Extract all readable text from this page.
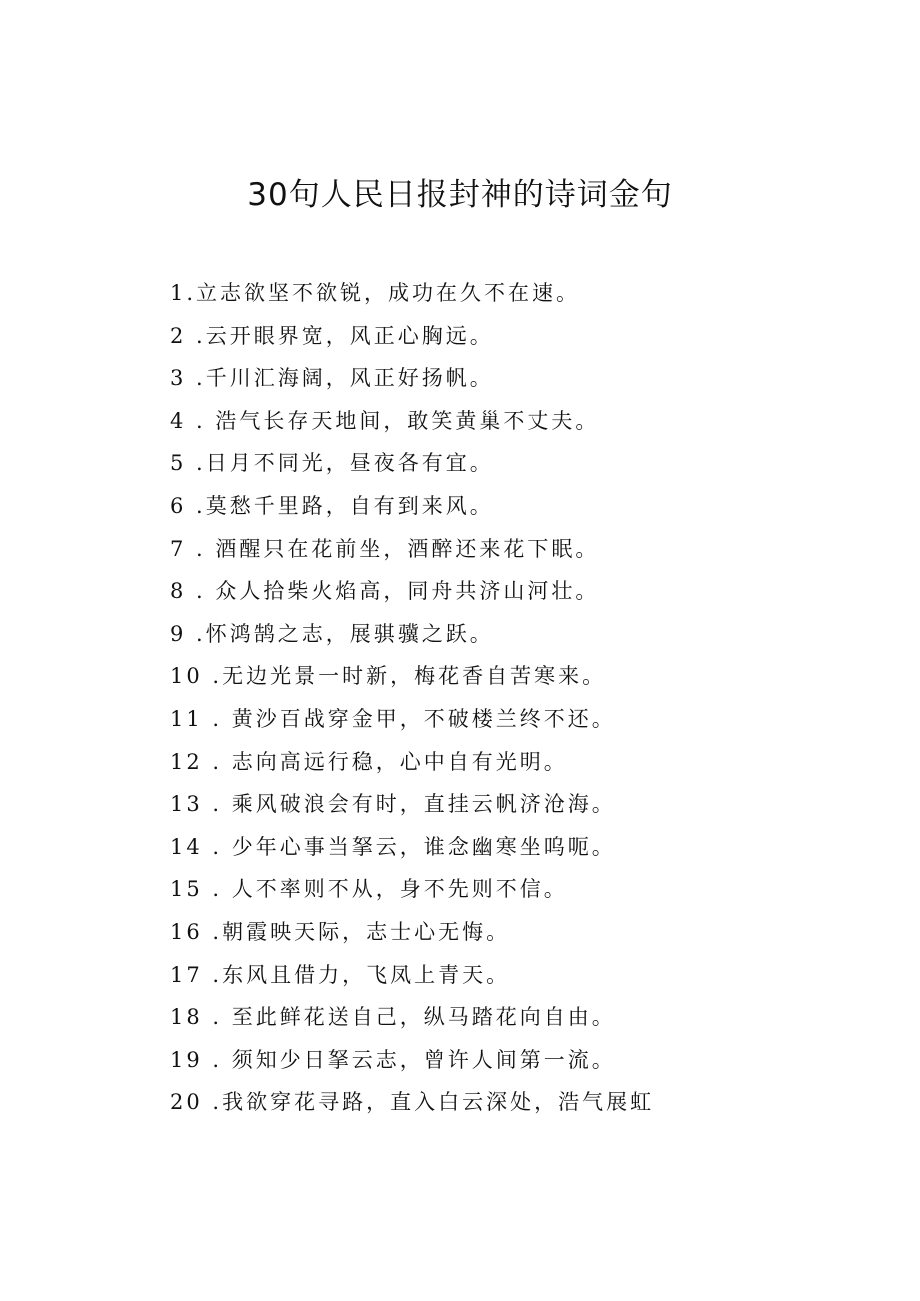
30句人民日报封神的诗词金句
1.立志欲坚不欲锐，成功在久不在速。
2 .云开眼界宽，风正心胸远。
3 .千川汇海阔，风正好扬帆。
4 . 浩气长存天地间，敢笑黄巢不丈夫。
5 .日月不同光，昼夜各有宜。
6 .莫愁千里路，自有到来风。
7 . 酒醒只在花前坐，酒醉还来花下眠。
8 . 众人拾柴火焰高，同舟共济山河壮。
9 .怀鸿鹄之志，展骐骥之跃。
10 .无边光景一时新，梅花香自苦寒来。
11 . 黄沙百战穿金甲，不破楼兰终不还。
12 . 志向高远行稳，心中自有光明。
13 . 乘风破浪会有时，直挂云帆济沧海。
14 . 少年心事当拏云，谁念幽寒坐呜呃。
15 . 人不率则不从，身不先则不信。
16 .朝霞映天际，志士心无悔。
17 .东风且借力，飞凤上青天。
18 . 至此鲜花送自己，纵马踏花向自由。
19 . 须知少日拏云志，曾许人间第一流。
20 .我欲穿花寻路，直入白云深处，浩气展虹
